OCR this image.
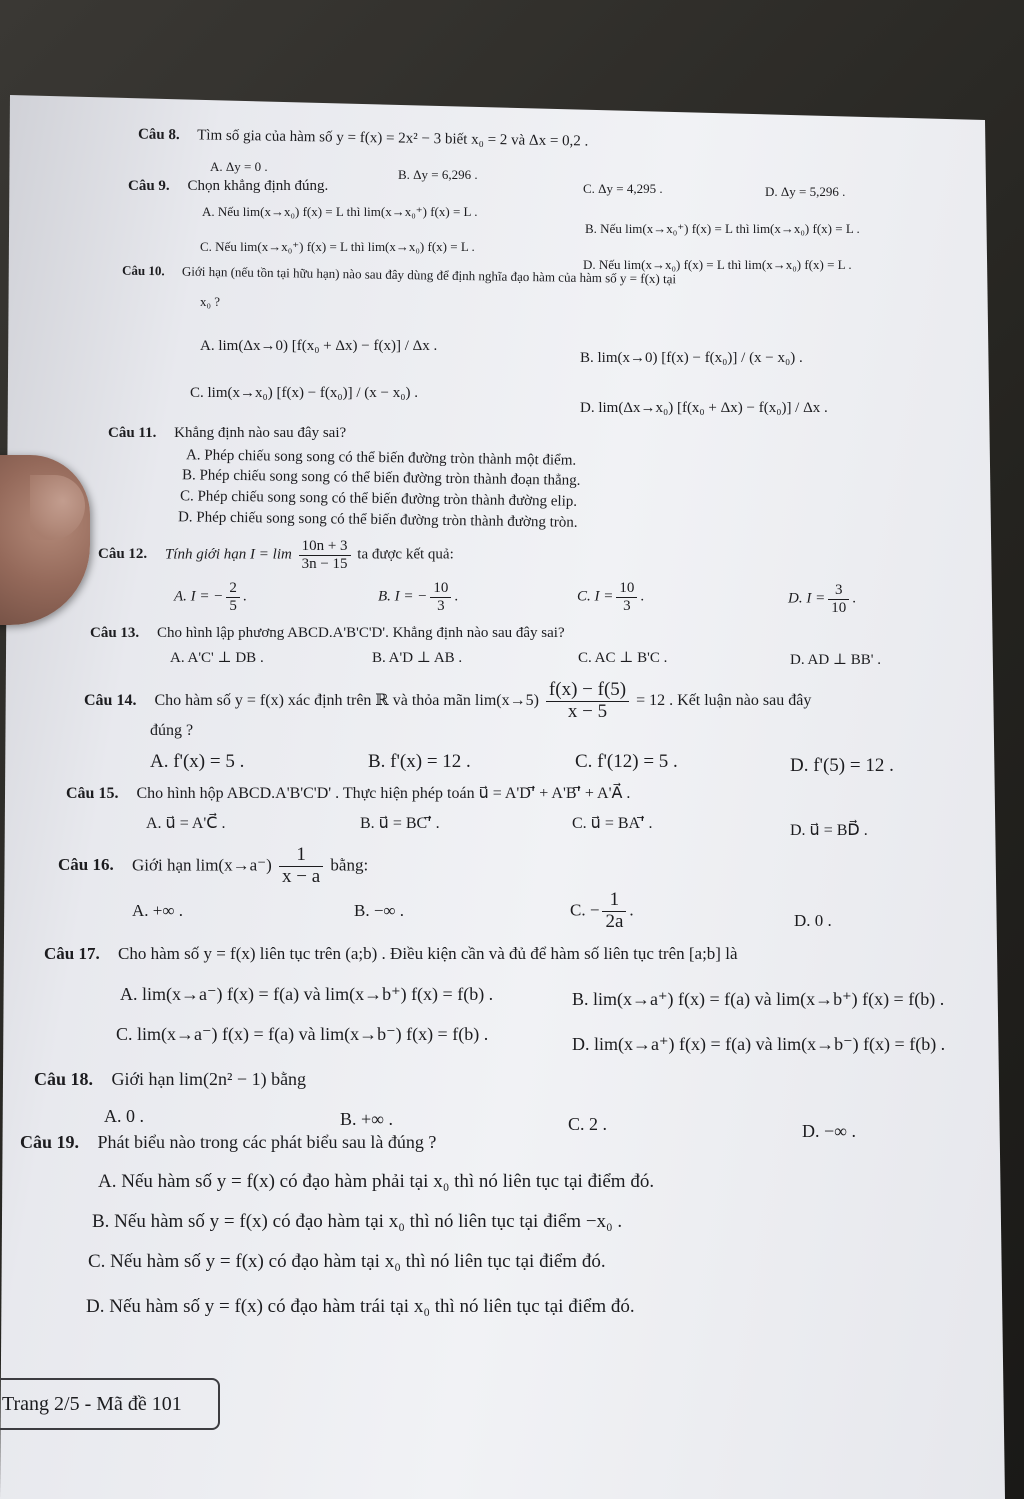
Câu 8. Tìm số gia của hàm số y = f(x) = 2x² − 3 biết x₀ = 2 và Δx = 0,2 .
A. Δy = 0 .
B. Δy = 6,296 .
C. Δy = 4,295 .	D. Δy = 5,296 .
Câu 9. Chọn khẳng định đúng.
A. Nếu lim(x→x₀) f(x) = L thì lim(x→x₀⁺) f(x) = L .
B. Nếu lim(x→x₀⁺) f(x) = L thì lim(x→x₀) f(x) = L .
C. Nếu lim(x→x₀⁺) f(x) = L thì lim(x→x₀) f(x) = L .
D. Nếu lim(x→x₀) f(x) = L thì lim(x→x₀) f(x) = L .
Câu 10. Giới hạn (nếu tồn tại hữu hạn) nào sau đây dùng để định nghĩa đạo hàm của hàm số y = f(x) tại
x₀ ?
A. lim(Δx→0) [f(x₀ + Δx) − f(x)] / Δx .
B. lim(x→0) [f(x) − f(x₀)] / (x − x₀) .
C. lim(x→x₀) [f(x) − f(x₀)] / (x − x₀) .
D. lim(Δx→x₀) [f(x₀ + Δx) − f(x₀)] / Δx .
Câu 11. Khẳng định nào sau đây sai?
A. Phép chiếu song song có thể biến đường tròn thành một điểm.
B. Phép chiếu song song có thể biến đường tròn thành đoạn thẳng.
C. Phép chiếu song song có thể biến đường tròn thành đường elip.
D. Phép chiếu song song có thể biến đường tròn thành đường tròn.
Câu 12. Tính giới hạn $I = \lim \frac{10n + 3}{3n - 15}$ ta được kết quả:
A. I = − $\frac{2}{5}$ .	B. I = − $\frac{10}{3}$ .	C. $I = \frac{10}{3}$ .	D. $I = \frac{3}{10}$ .
Câu 13. Cho hình lập phương ABCD.A'B'C'D'. Khẳng định nào sau đây sai?
A. A'C' ⊥ DB .	B. A'D ⊥ AB .	C. AC ⊥ B'C .	D. AD ⊥ BB' .
Câu 14. Cho hàm số y = f(x) xác định trên ℝ và thỏa mãn $\lim(x\to 5) \frac{f(x) - f(5)}{x - 5} = 12$ . Kết luận nào sau đây
đúng ?
A. f'(x) = 5 .	B. f'(x) = 12 .	C. f'(12) = 5 .	D. f'(5) = 12 .
Câu 15. Cho hình hộp ABCD.A'B'C'D' . Thực hiện phép toán u⃗ = A'D'⃗ + A'B'⃗ + A'A⃗ .
A. u⃗ = A'C⃗ .	B. u⃗ = BC'⃗ .	C. u⃗ = BA'⃗ .	D. u⃗ = BD⃗ .
Câu 16. Giới hạn $\lim(x\to a^-) \frac{1}{x - a}$ bằng:
A. +∞ .	B. −∞ .	C. − $\frac{1}{2a}$ .
D. 0 .
Câu 17. Cho hàm số y = f(x) liên tục trên (a;b) . Điều kiện cần và đủ để hàm số liên tục trên [a;b] là
A. lim(x→a⁻) f(x) = f(a) và lim(x→b⁺) f(x) = f(b) .	B. lim(x→a⁺) f(x) = f(a) và lim(x→b⁺) f(x) = f(b) .
C. lim(x→a⁻) f(x) = f(a) và lim(x→b⁻) f(x) = f(b) .	D. lim(x→a⁺) f(x) = f(a) và lim(x→b⁻) f(x) = f(b) .
Câu 18. Giới hạn lim(2n² − 1) bằng
A. 0 .	B. +∞ .	C. 2 .	D. −∞ .
Câu 19. Phát biểu nào trong các phát biểu sau là đúng ?
A. Nếu hàm số y = f(x) có đạo hàm phải tại x₀ thì nó liên tục tại điểm đó.
B. Nếu hàm số y = f(x) có đạo hàm tại x₀ thì nó liên tục tại điểm −x₀ .
C. Nếu hàm số y = f(x) có đạo hàm tại x₀ thì nó liên tục tại điểm đó.
D. Nếu hàm số y = f(x) có đạo hàm trái tại x₀ thì nó liên tục tại điểm đó.
Trang 2/5 - Mã đề 101
